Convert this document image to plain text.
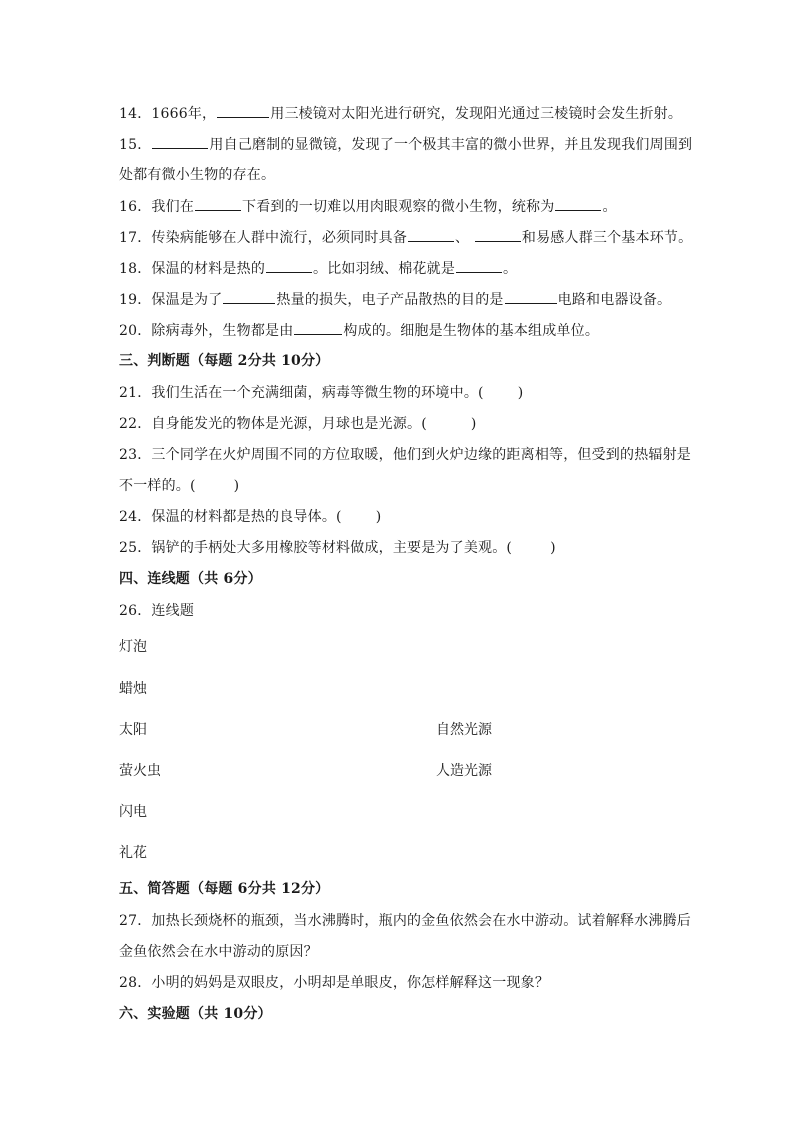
14．1666年，	用三棱镜对太阳光进行研究，发现阳光通过三棱镜时会发生折射。
15．	用自己磨制的显微镜，发现了一个极其丰富的微小世界，并且发现我们周围到
处都有微小生物的存在。
16．我们在	下看到的一切难以用肉眼观察的微小生物，统称为	。
17．传染病能够在人群中流行，必须同时具备	、	和易感人群三个基本环节。
18．保温的材料是热的	。比如羽绒、棉花就是	。
19．保温是为了	热量的损失，电子产品散热的目的是	电路和电器设备。
20．除病毒外，生物都是由	构成的。细胞是生物体的基本组成单位。
三、判断题（每题 2分共 10分）
21．我们生活在一个充满细菌，病毒等微生物的环境中。( )
22．自身能发光的物体是光源，月球也是光源。(	)
23．三个同学在火炉周围不同的方位取暖，他们到火炉边缘的距离相等，但受到的热辐射是
不一样的。(	)
24．保温的材料都是热的良导体。( )
25．锅铲的手柄处大多用橡胶等材料做成，主要是为了美观。(	)
四、连线题（共 6分）
26．连线题
灯泡
蜡烛
太阳
萤火虫
闪电
礼花
自然光源
人造光源
五、简答题（每题 6分共 12分）
27．加热长颈烧杯的瓶颈，当水沸腾时，瓶内的金鱼依然会在水中游动。试着解释水沸腾后
金鱼依然会在水中游动的原因？
28．小明的妈妈是双眼皮，小明却是单眼皮，你怎样解释这一现象？
六、实验题（共 10分）
